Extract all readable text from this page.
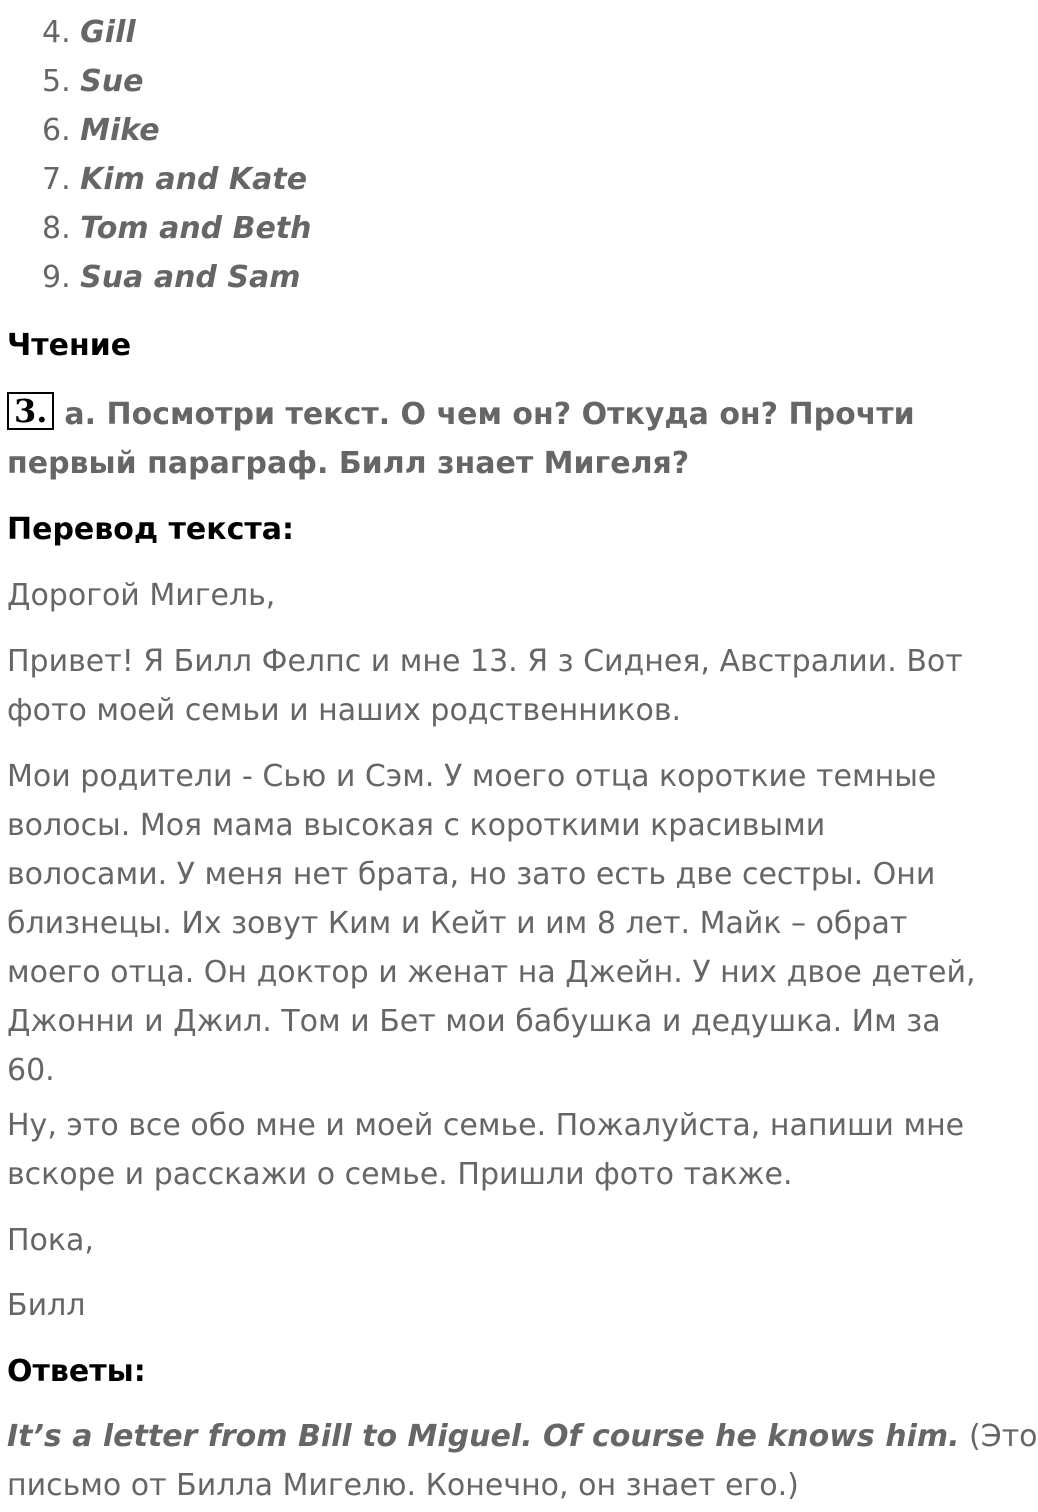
4. Gill
5. Sue
6. Mike
7. Kim and Kate
8. Tom and Beth
9. Sua and Sam
Чтение
3. a. Посмотри текст. О чем он? Откуда он? Прочти
первый параграф. Билл знает Мигеля?
Перевод текста:
Дорогой Мигель,
Привет! Я Билл Фелпс и мне 13. Я з Сиднея, Австралии. Вот
фото моей семьи и наших родственников.
Мои родители - Сью и Сэм. У моего отца короткие темные
волосы. Моя мама высокая с короткими красивыми
волосами. У меня нет брата, но зато есть две сестры. Они
близнецы. Их зовут Ким и Кейт и им 8 лет. Майк – обрат
моего отца. Он доктор и женат на Джейн. У них двое детей,
Джонни и Джил. Том и Бет мои бабушка и дедушка. Им за
60.
Ну, это все обо мне и моей семье. Пожалуйста, напиши мне
вскоре и расскажи о семье. Пришли фото также.
Пока,
Билл
Ответы:
It’s a letter from Bill to Miguel. Of course he knows him. (Это
письмо от Билла Мигелю. Конечно, он знает его.)
